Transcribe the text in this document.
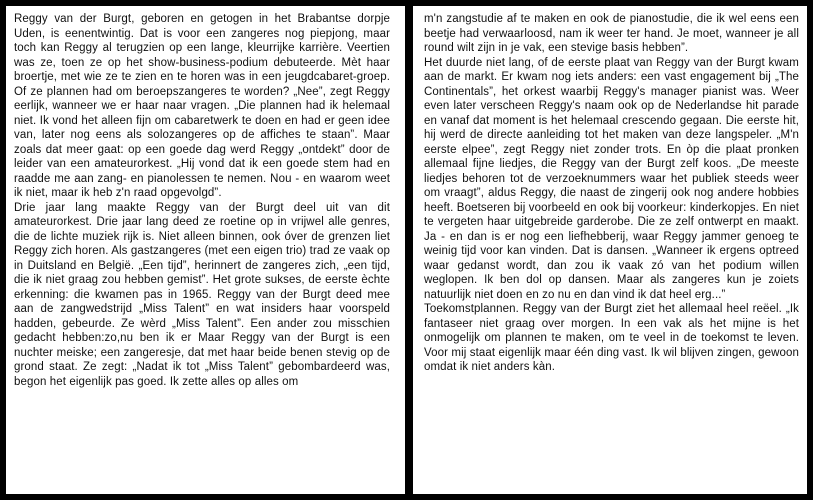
Reggy van der Burgt, geboren en getogen in het Brabantse dorpje Uden, is eenentwintig. Dat is voor een zangeres nog piepjong, maar toch kan Reggy al terugzien op een lange, kleurrijke karrière. Veertien was ze, toen ze op het show-business-podium debuteerde. Mèt haar broertje, met wie ze te zien en te horen was in een jeugdcabaret-groep. Of ze plannen had om beroepszangeres te worden? „Nee”, zegt Reggy eerlijk, wanneer we er haar naar vragen. „Die plannen had ik helemaal niet. Ik vond het alleen fijn om cabaretwerk te doen en had er geen idee van, later nog eens als solozangeres op de affiches te staan”. Maar zoals dat meer gaat: op een goede dag werd Reggy „ontdekt” door de leider van een amateurorkest. „Hij vond dat ik een goede stem had en raadde me aan zang- en pianolessen te nemen. Nou - en waarom weet ik niet, maar ik heb z'n raad opgevolgd”.

Drie jaar lang maakte Reggy van der Burgt deel uit van dit amateurorkest. Drie jaar lang deed ze roetine op in vrijwel alle genres, die de lichte muziek rijk is. Niet alleen binnen, ook óver de grenzen liet Reggy zich horen. Als gastzangeres (met een eigen trio) trad ze vaak op in Duitsland en België. „Een tijd”, herinnert de zangeres zich, „een tijd, die ik niet graag zou hebben gemist”. Het grote sukses, de eerste èchte erkenning: die kwamen pas in 1965. Reggy van der Burgt deed mee aan de zangwedstrijd „Miss Talent” en wat insiders haar voorspeld hadden, gebeurde. Ze wèrd „Miss Talent”. Een ander zou misschien gedacht hebben:zo,nu ben ik er Maar Reggy van der Burgt is een nuchter meiske; een zangeresje, dat met haar beide benen stevig op de grond staat. Ze zegt: „Nadat ik tot „Miss Talent” gebombardeerd was, begon het eigenlijk pas goed. Ik zette alles op alles om

m'n zangstudie af te maken en ook de pianostudie, die ik wel eens een beetje had verwaarloosd, nam ik weer ter hand. Je moet, wanneer je all round wilt zijn in je vak, een stevige basis hebben”.

Het duurde niet lang, of de eerste plaat van Reggy van der Burgt kwam aan de markt. Er kwam nog iets anders: een vast engagement bij „The Continentals”, het orkest waarbij Reggy's manager pianist was. Weer even later verscheen Reggy's naam ook op de Nederlandse hit parade en vanaf dat moment is het helemaal crescendo gegaan. Die eerste hit, hij werd de directe aanleiding tot het maken van deze langspeler. „M'n eerste elpee”, zegt Reggy niet zonder trots. En òp die plaat pronken allemaal fijne liedjes, die Reggy van der Burgt zelf koos. „De meeste liedjes behoren tot de verzoeknummers waar het publiek steeds weer om vraagt”, aldus Reggy, die naast de zingerij ook nog andere hobbies heeft. Boetseren bij voorbeeld en ook bij voorkeur: kinderkopjes. En niet te vergeten haar uitgebreide garderobe. Die ze zelf ontwerpt en maakt. Ja - en dan is er nog een liefhebberij, waar Reggy jammer genoeg te weinig tijd voor kan vinden. Dat is dansen. „Wanneer ik ergens optreed waar gedanst wordt, dan zou ik vaak zó van het podium willen weglopen. Ik ben dol op dansen. Maar als zangeres kun je zoiets natuurlijk niet doen en zo nu en dan vind ik dat heel erg...”

Toekomstplannen. Reggy van der Burgt ziet het allemaal heel reëel. „Ik fantaseer niet graag over morgen. In een vak als het mijne is het onmogelijk om plannen te maken, om te veel in de toekomst te leven. Voor mij staat eigenlijk maar één ding vast. Ik wil blijven zingen, gewoon omdat ik niet anders kàn.
